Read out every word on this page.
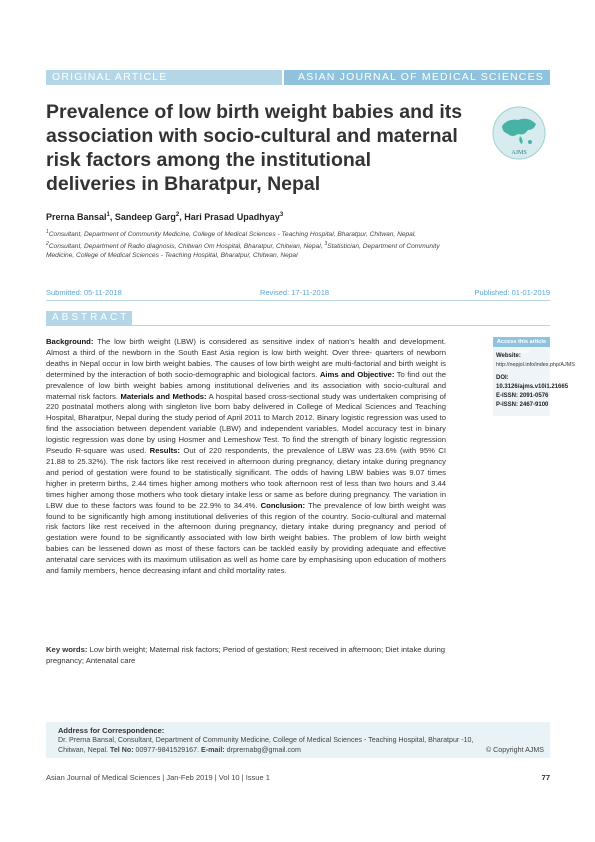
ORIGINAL ARTICLE	ASIAN JOURNAL OF MEDICAL SCIENCES
Prevalence of low birth weight babies and its association with socio-cultural and maternal risk factors among the institutional deliveries in Bharatpur, Nepal
AJMS
Prerna Bansal$^1$, Sandeep Garg$^2$, Hari Prasad Upadhyay$^3$
$^1$Consultant, Department of Community Medicine, College of Medical Sciences - Teaching Hospital, Bharatpur, Chitwan, Nepal, $^2$Consultant, Department of Radio diagnosis, Chitwan Om Hospital, Bharatpur, Chitwan, Nepal, $^3$Statistician, Department of Community Medicine, College of Medical Sciences - Teaching Hospital, Bharatpur, Chitwan, Nepal
Submitted: 05-11-2018	Revised: 17-11-2018	Published: 01-01-2019
ABSTRACT

Background: The low birth weight (LBW) is considered as sensitive index of nation’s health and development. Almost a third of the newborn in the South East Asia region is low birth weight. Over three- quarters of newborn deaths in Nepal occur in low birth weight babies. The causes of low birth weight are multi-factorial and birth weight is determined by the interaction of both socio-demographic and biological factors. Aims and Objective: To find out the prevalence of low birth weight babies among institutional deliveries and its association with socio-cultural and maternal risk factors. Materials and Methods: A hospital based cross-sectional study was undertaken comprising of 220 postnatal mothers along with singleton live born baby delivered in College of Medical Sciences and Teaching Hospital, Bharatpur, Nepal during the study period of April 2011 to March 2012. Binary logistic regression was used to find the association between dependent variable (LBW) and independent variables. Model accuracy test in binary logistic regression was done by using Hosmer and Lemeshow Test. To find the strength of binary logistic regression Pseudo R-square was used. Results: Out of 220 respondents, the prevalence of LBW was 23.6% (with 95% CI 21.88 to 25.32%). The risk factors like rest received in afternoon during pregnancy, dietary intake during pregnancy and period of gestation were found to be statistically significant. The odds of having LBW babies was 9.07 times higher in preterm births, 2.44 times higher among mothers who took afternoon rest of less than two hours and 3.44 times higher among those mothers who took dietary intake less or same as before during pregnancy. The variation in LBW due to these factors was found to be 22.9% to 34.4%. Conclusion: The prevalence of low birth weight was found to be significantly high among institutional deliveries of this region of the country. Socio-cultural and maternal risk factors like rest received in the afternoon during pregnancy, dietary intake during pregnancy and period of gestation were found to be significantly associated with low birth weight babies. The problem of low birth weight babies can be lessened down as most of these factors can be tackled easily by providing adequate and effective antenatal care services with its maximum utilisation as well as home care by emphasising upon education of mothers and family members, hence decreasing infant and child mortality rates.

Key words: Low birth weight; Maternal risk factors; Period of gestation; Rest received in afternoon; Diet intake during pregnancy; Antenatal care

Access this article online
Website:
http://nepjol.info/index.php/AJMS
DOI: 10.3126/ajms.v10i1.21665
E-ISSN: 2091-0576
P-ISSN: 2467-9100
Address for Correspondence:
Dr. Prerna Bansal, Consultant, Department of Community Medicine, College of Medical Sciences - Teaching Hospital, Bharatpur -10,
Chitwan, Nepal. Tel No: 00977-9841529167. E-mail: drprernabg@gmail.com	© Copyright AJMS
Asian Journal of Medical Sciences | Jan-Feb 2019 | Vol 10 | Issue 1	77
